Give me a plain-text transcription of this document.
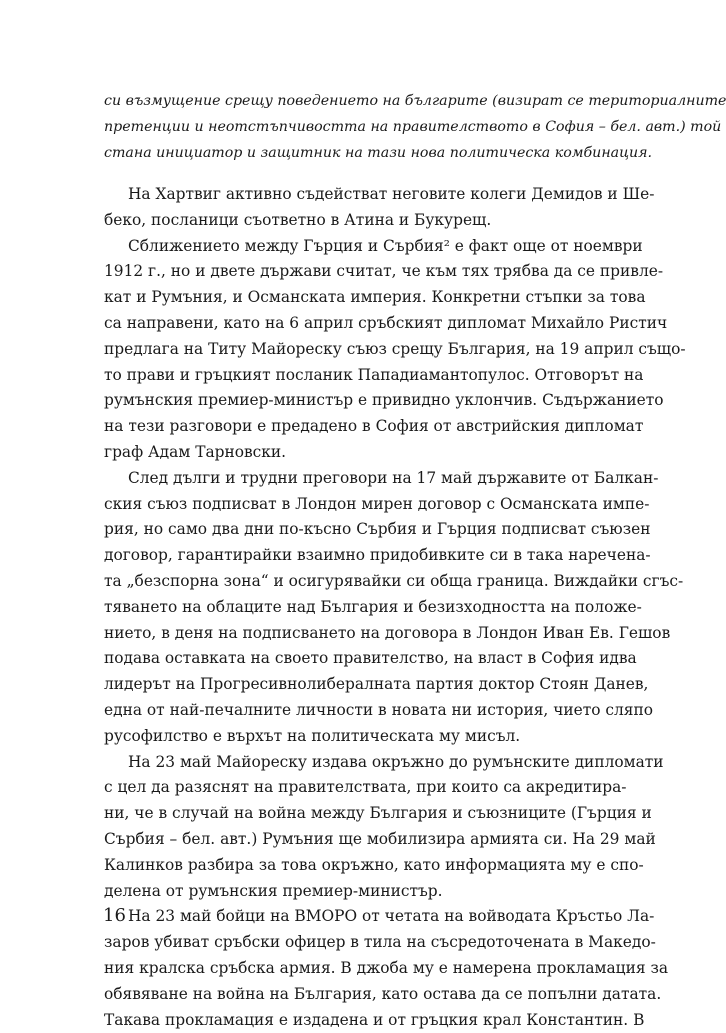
си възмущение срещу поведението на българите (визират се териториалните
претенции и неотстъпчивостта на правителството в София – бел. авт.) той
стана инициатор и защитник на тази нова политическа комбинация.
На Хартвиг активно съдействат неговите колеги Демидов и Ше-
беко, посланици съответно в Атина и Букурещ.
Сближението между Гърция и Сърбия² е факт още от ноември
1912 г., но и двете държави считат, че към тях трябва да се привле-
кат и Румъния, и Османската империя. Конкретни стъпки за това
са направени, като на 6 април сръбският дипломат Михайло Ристич
предлага на Титу Майореску съюз срещу България, на 19 април също-
то прави и гръцкият посланик Пападиамантопулос. Отговорът на
румънския премиер-министър е привидно уклончив. Съдържанието
на тези разговори е предадено в София от австрийския дипломат
граф Адам Тарновски.
След дълги и трудни преговори на 17 май държавите от Балкан-
ския съюз подписват в Лондон мирен договор с Османската импе-
рия, но само два дни по-късно Сърбия и Гърция подписват съюзен
договор, гарантирайки взаимно придобивките си в така наречена-
та „безспорна зона“ и осигурявайки си обща граница. Виждайки сгъс-
тяването на облаците над България и безизходността на положе-
нието, в деня на подписването на договора в Лондон Иван Ев. Гешов
подава оставката на своето правителство, на власт в София идва
лидерът на Прогресивнолибералната партия доктор Стоян Данев,
една от най-печалните личности в новата ни история, чието сляпо
русофилство е върхът на политическата му мисъл.
На 23 май Майореску издава окръжно до румънските дипломати
с цел да разяснят на правителствата, при които са акредитира-
ни, че в случай на война между България и съюзниците (Гърция и
Сърбия – бел. авт.) Румъния ще мобилизира армията си. На 29 май
Калинков разбира за това окръжно, като информацията му е спо-
делена от румънския премиер-министър.
На 23 май бойци на ВМОРО от четата на войводата Кръстьо Ла-
заров убиват сръбски офицер в тила на съсредоточената в Македо-
ния кралска сръбска армия. В джоба му е намерена прокламация за
обявяване на война на България, като остава да се попълни датата.
Такава прокламация е издадена и от гръцкия крал Константин. В
16
